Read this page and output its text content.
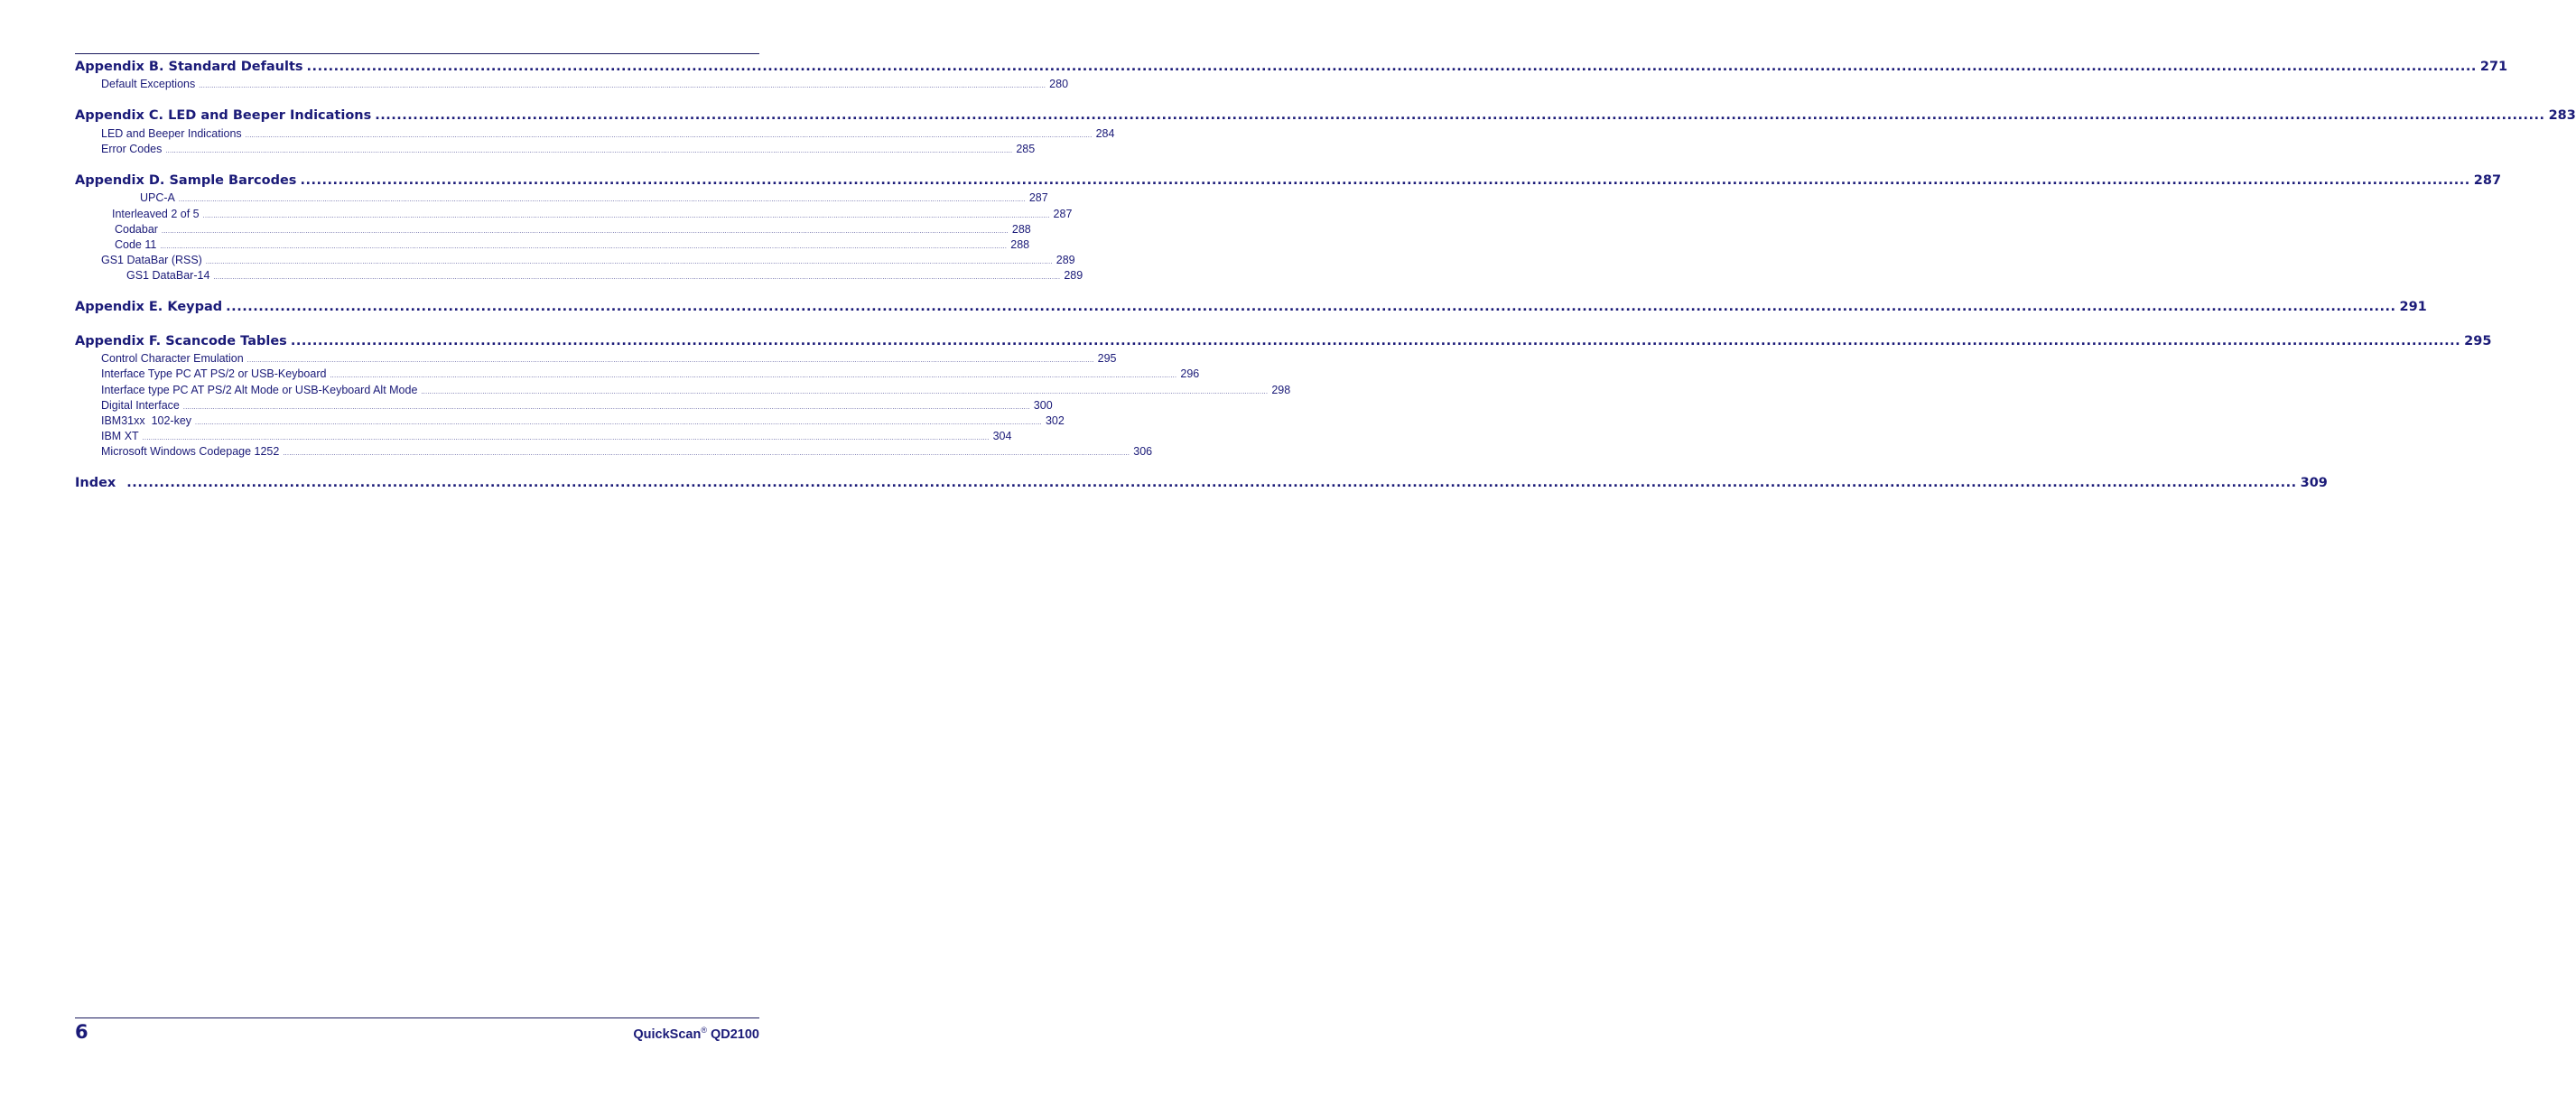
Appendix B. Standard Defaults ................................................................................................................................................................................................................................................................................................................................................................................................................ 271
Default Exceptions ................................................................................................................................................................................................................................................................................................................................................................................................................ 280
Appendix C. LED and Beeper Indications ................................................................................................................................................................................................................................................................................................................................................................................................................ 283
LED and Beeper Indications ................................................................................................................................................................................................................................................................................................................................................................................................................ 284
Error Codes ................................................................................................................................................................................................................................................................................................................................................................................................................ 285
Appendix D. Sample Barcodes ................................................................................................................................................................................................................................................................................................................................................................................................................ 287
UPC-A ................................................................................................................................................................................................................................................................................................................................................................................................................ 287
Interleaved 2 of 5 ................................................................................................................................................................................................................................................................................................................................................................................................................ 287
Codabar ................................................................................................................................................................................................................................................................................................................................................................................................................ 288
Code 11 ................................................................................................................................................................................................................................................................................................................................................................................................................ 288
GS1 DataBar (RSS) ................................................................................................................................................................................................................................................................................................................................................................................................................ 289
GS1 DataBar-14 ................................................................................................................................................................................................................................................................................................................................................................................................................ 289
Appendix E. Keypad ................................................................................................................................................................................................................................................................................................................................................................................................................ 291
Appendix F. Scancode Tables ................................................................................................................................................................................................................................................................................................................................................................................................................ 295
Control Character Emulation ................................................................................................................................................................................................................................................................................................................................................................................................................ 295
Interface Type PC AT PS/2 or USB-Keyboard ................................................................................................................................................................................................................................................................................................................................................................................................................ 296
Interface type PC AT PS/2 Alt Mode or USB-Keyboard Alt Mode ................................................................................................................................................................................................................................................................................................................................................................................................................ 298
Digital Interface ................................................................................................................................................................................................................................................................................................................................................................................................................ 300
IBM31xx  102-key ................................................................................................................................................................................................................................................................................................................................................................................................................ 302
IBM XT ................................................................................................................................................................................................................................................................................................................................................................................................................ 304
Microsoft Windows Codepage 1252 ................................................................................................................................................................................................................................................................................................................................................................................................................ 306
Index ................................................................................................................................................................................................................................................................................................................................................................................................................ 309
6	QuickScan® QD2100
